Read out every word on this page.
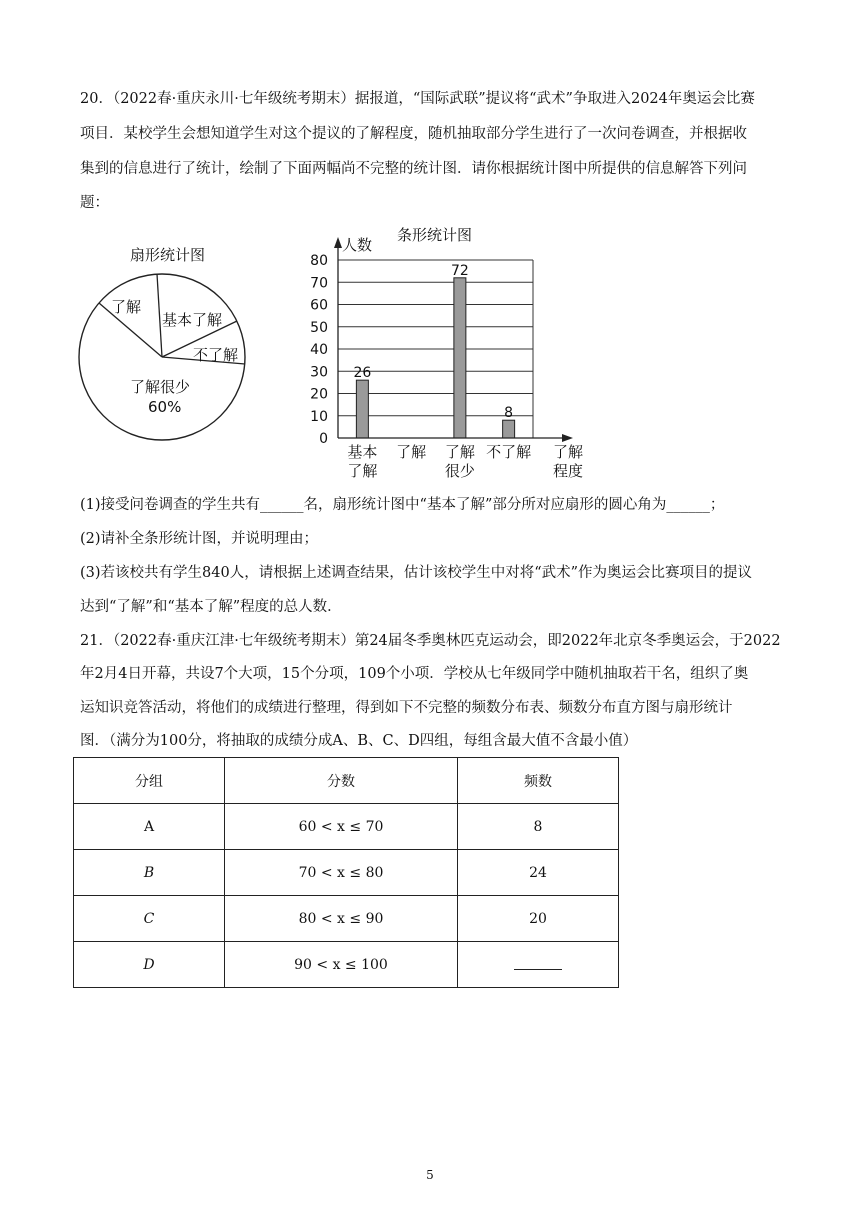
20．（2022春·重庆永川·七年级统考期末）据报道，“国际武联”提议将“武术”争取进入2024年奥运会比赛
项目．某校学生会想知道学生对这个提议的了解程度，随机抽取部分学生进行了一次问卷调查，并根据收
集到的信息进行了统计，绘制了下面两幅尚不完整的统计图．请你根据统计图中所提供的信息解答下列问
题：
扇形统计图
了解
基本了解
不了解
了解很少
60%
条形统计图
人数
0
10
20
30
40
50
60
70
80
26
72
8
基本
了解
了解 了解
很少
不了解 了解
程度
(1)接受问卷调查的学生共有______名，扇形统计图中“基本了解”部分所对应扇形的圆心角为______；
(2)请补全条形统计图，并说明理由；
(3)若该校共有学生840人，请根据上述调查结果，估计该校学生中对将“武术”作为奥运会比赛项目的提议
达到“了解”和“基本了解”程度的总人数．
21．（2022春·重庆江津·七年级统考期末）第24届冬季奥林匹克运动会，即2022年北京冬季奥运会，于2022
年2月4日开幕，共设7个大项，15个分项，109个小项．学校从七年级同学中随机抽取若干名，组织了奥
运知识竞答活动，将他们的成绩进行整理，得到如下不完整的频数分布表、频数分布直方图与扇形统计
图．（满分为100分，将抽取的成绩分成A、B、C、D四组，每组含最大值不含最小值）
分组	分数	频数
A	60 < x ≤ 70	8
B	70 < x ≤ 80	24
C	80 < x ≤ 90	20
D	90 < x ≤ 100	
5
